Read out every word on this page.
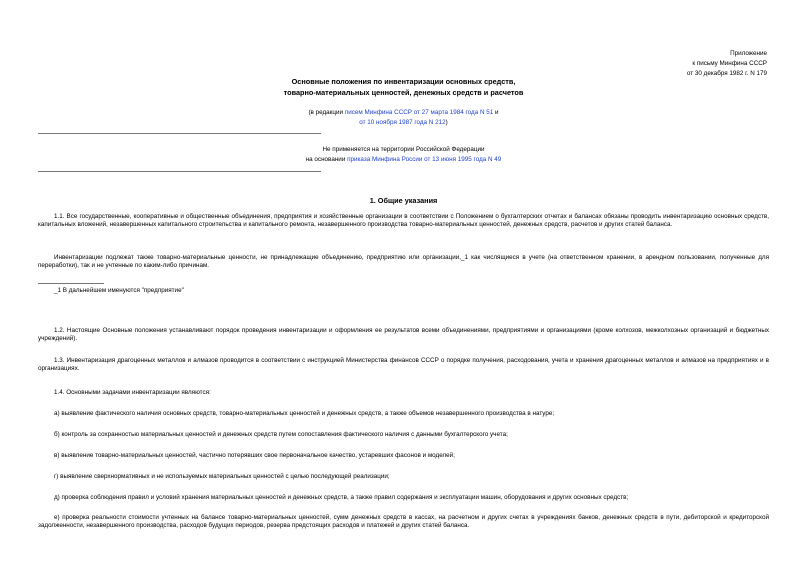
Приложение
к письму Минфина СССР
от 30 декабря 1982 г. N 179
Основные положения по инвентаризации основных средств,
товарно-материальных ценностей, денежных средств и расчетов
(в редакции писем Минфина СССР от 27 марта 1984 года N 51 и
от 10 ноября 1987 года N 212)
Не применяется на территории Российской Федерации
на основании приказа Минфина России от 13 июня 1995 года N 49
1. Общие указания
1.1. Все государственные, кооперативные и общественные объединения, предприятия и хозяйственные организации в соответствии с Положением о бухгалтерских отчетах и балансах обязаны проводить инвентаризацию основных средств, капитальных вложений, незавершенных капитального строительства и капитального ремонта, незавершенного производства товарно-материальных ценностей, денежных средств, расчетов и других статей баланса.
Инвентаризации подлежат также товарно-материальные ценности, не принадлежащие объединению, предприятию или организации,_1 как числящиеся в учете (на ответственном хранении, в арендном пользовании, полученные для переработки), так и не учтенные по каким-либо причинам.
_1 В дальнейшем именуются "предприятие"
1.2. Настоящие Основные положения устанавливают порядок проведения инвентаризации и оформления ее результатов всеми объединениями, предприятиями и организациями (кроме колхозов, межколхозных организаций и бюджетных учреждений).
1.3. Инвентаризация драгоценных металлов и алмазов проводится в соответствии с инструкцией Министерства финансов СССР о порядке получения, расходования, учета и хранения драгоценных металлов и алмазов на предприятиях и в организациях.
1.4. Основными задачами инвентаризации являются:
а) выявление фактического наличия основных средств, товарно-материальных ценностей и денежных средств, а также объемов незавершенного производства в натуре;
б) контроль за сохранностью материальных ценностей и денежных средств путем сопоставления фактического наличия с данными бухгалтерского учета;
в) выявление товарно-материальных ценностей, частично потерявших свое первоначальное качество, устаревших фасонов и моделей;
г) выявление сверхнормативных и не используемых материальных ценностей с целью последующей реализации;
д) проверка соблюдения правил и условий хранения материальных ценностей и денежных средств, а также правил содержания и эксплуатации машин, оборудования и других основных средств;
е) проверка реальности стоимости учтенных на балансе товарно-материальных ценностей, сумм денежных средств в кассах, на расчетном и других счетах в учреждениях банков, денежных средств в пути, дебиторской и кредиторской задолженности, незавершенного производства, расходов будущих периодов, резерва предстоящих расходов и платежей и других статей баланса.
